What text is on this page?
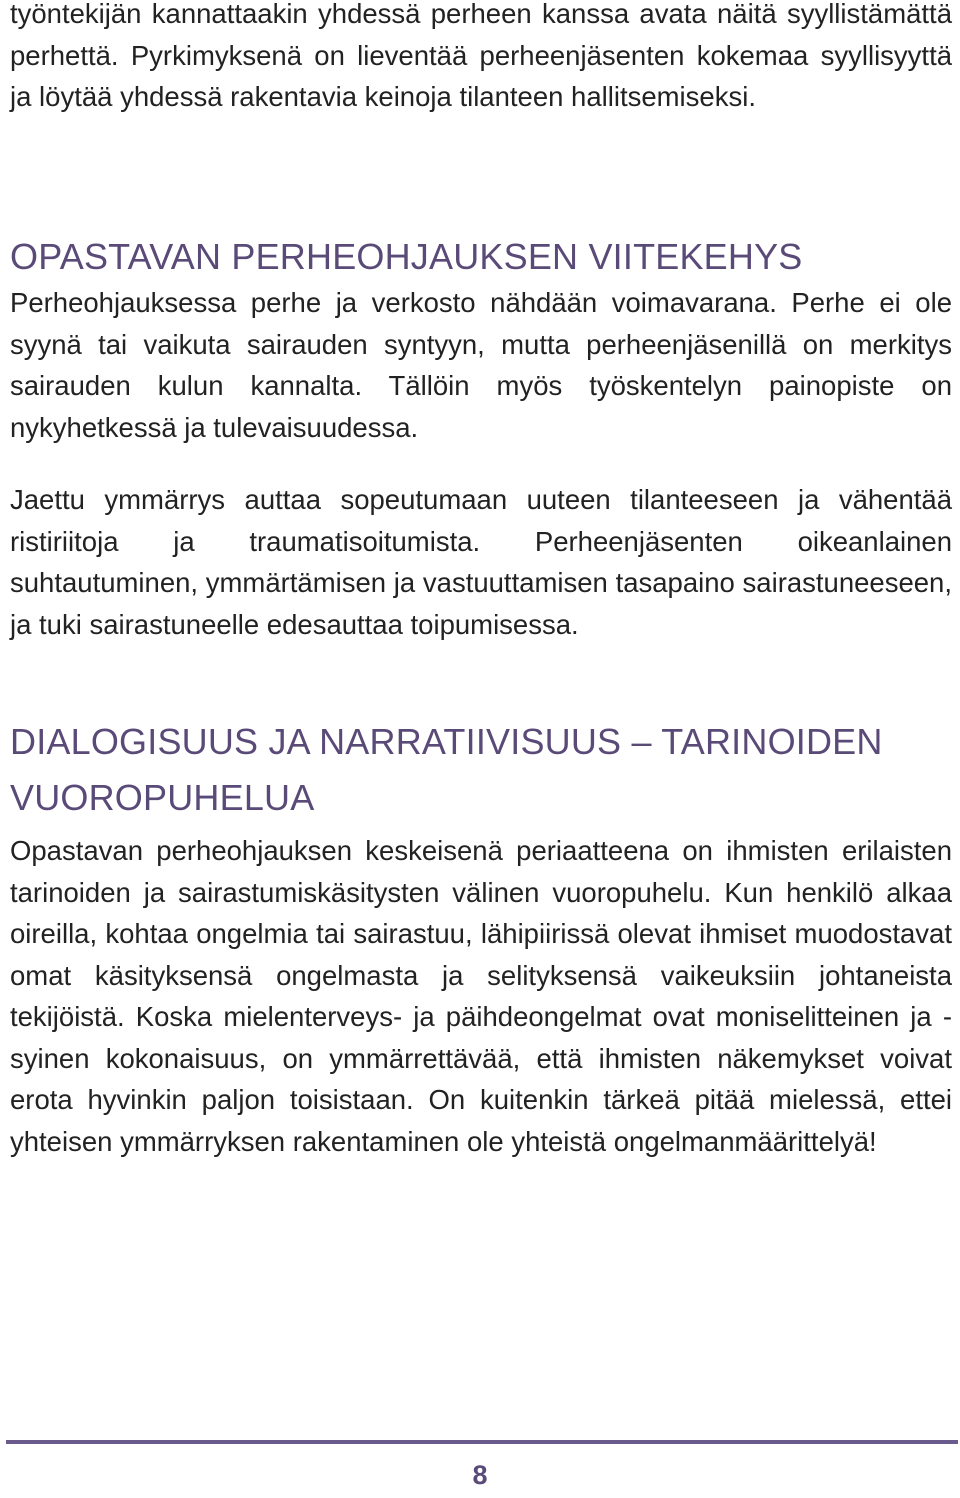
työntekijän kannattaakin yhdessä perheen kanssa avata näitä syyllistämättä perhettä. Pyrkimyksenä on lieventää perheenjäsenten kokemaa syyllisyyttä ja löytää yhdessä rakentavia keinoja tilanteen hallitsemiseksi.

OPASTAVAN PERHEOHJAUKSEN VIITEKEHYS

Perheohjauksessa perhe ja verkosto nähdään voimavarana. Perhe ei ole syynä tai vaikuta sairauden syntyyn, mutta perheenjäsenillä on merkitys sairauden kulun kannalta. Tällöin myös työskentelyn painopiste on nykyhetkessä ja tulevaisuudessa.

Jaettu ymmärrys auttaa sopeutumaan uuteen tilanteeseen ja vähentää ristiriitoja ja traumatisoitumista. Perheenjäsenten oikeanlainen suhtautuminen, ymmärtämisen ja vastuuttamisen tasapaino sairastuneeseen, ja tuki sairastuneelle edesauttaa toipumisessa.

DIALOGISUUS JA NARRATIIVISUUS – TARINOIDEN VUOROPUHELUA

Opastavan perheohjauksen keskeisenä periaatteena on ihmisten erilaisten tarinoiden ja sairastumiskäsitysten välinen vuoropuhelu. Kun henkilö alkaa oireilla, kohtaa ongelmia tai sairastuu, lähipiirissä olevat ihmiset muodostavat omat käsityksensä ongelmasta ja selityksensä vaikeuksiin johtaneista tekijöistä. Koska mielenterveys- ja päihdeongelmat ovat moniselitteinen ja -syinen kokonaisuus, on ymmärrettävää, että ihmisten näkemykset voivat erota hyvinkin paljon toisistaan. On kuitenkin tärkeä pitää mielessä, ettei yhteisen ymmärryksen rakentaminen ole yhteistä ongelmanmäärittelyä!

8
